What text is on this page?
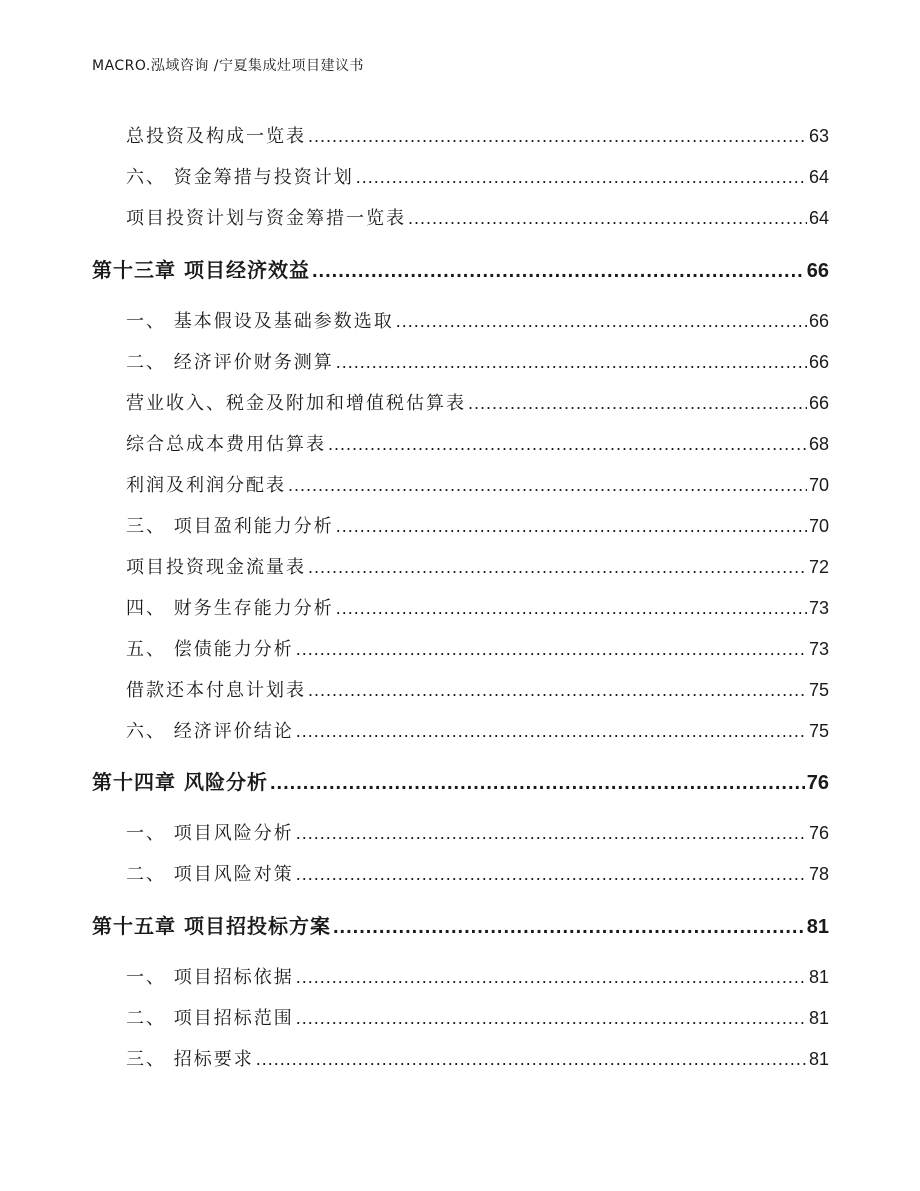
MACRO.泓域咨询 /宁夏集成灶项目建议书
总投资及构成一览表 .....	63
六、 资金筹措与投资计划 .....	64
项目投资计划与资金筹措一览表 .....	64
第十三章 项目经济效益 .....	66
一、 基本假设及基础参数选取 .....	66
二、 经济评价财务测算 .....	66
营业收入、税金及附加和增值税估算表 .....	66
综合总成本费用估算表 .....	68
利润及利润分配表 .....	70
三、 项目盈利能力分析 .....	70
项目投资现金流量表 .....	72
四、 财务生存能力分析 .....	73
五、 偿债能力分析 .....	73
借款还本付息计划表 .....	75
六、 经济评价结论 .....	75
第十四章 风险分析 .....	76
一、 项目风险分析 .....	76
二、 项目风险对策 .....	78
第十五章 项目招投标方案 .....	81
一、 项目招标依据 .....	81
二、 项目招标范围 .....	81
三、 招标要求 .....	81
